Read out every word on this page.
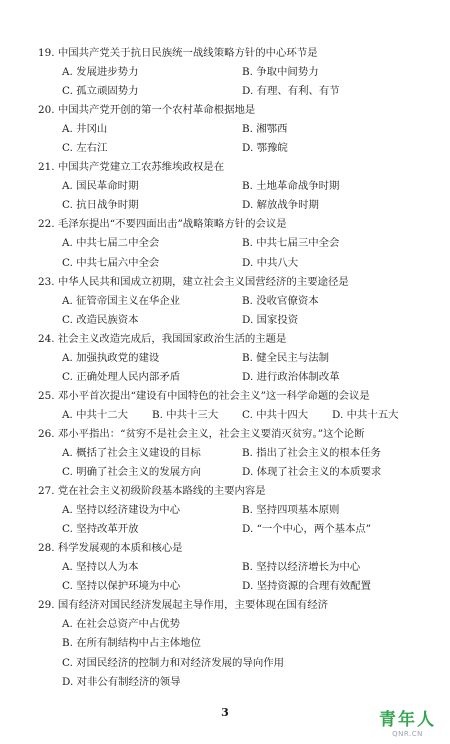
19. 中国共产党关于抗日民族统一战线策略方针的中心环节是
A. 发展进步势力	B. 争取中间势力
C. 孤立顽固势力	D. 有理、有利、有节
20. 中国共产党开创的第一个农村革命根据地是
A. 井冈山	B. 湘鄂西
C. 左右江	D. 鄂豫皖
21. 中国共产党建立工农苏维埃政权是在
A. 国民革命时期	B. 土地革命战争时期
C. 抗日战争时期	D. 解放战争时期
22. 毛泽东提出“不要四面出击”战略策略方针的会议是
A. 中共七届二中全会	B. 中共七届三中全会
C. 中共七届六中全会	D. 中共八大
23. 中华人民共和国成立初期，建立社会主义国营经济的主要途径是
A. 征管帝国主义在华企业	B. 没收官僚资本
C. 改造民族资本	D. 国家投资
24. 社会主义改造完成后，我国国家政治生活的主题是
A. 加强执政党的建设	B. 健全民主与法制
C. 正确处理人民内部矛盾	D. 进行政治体制改革
25. 邓小平首次提出“建设有中国特色的社会主义”这一科学命题的会议是
A. 中共十二大	B. 中共十三大	C. 中共十四大	D. 中共十五大
26. 邓小平指出：“贫穷不是社会主义，社会主义要消灭贫穷。”这个论断
A. 概括了社会主义建设的目标	B. 指出了社会主义的根本任务
C. 明确了社会主义的发展方向	D. 体现了社会主义的本质要求
27. 党在社会主义初级阶段基本路线的主要内容是
A. 坚持以经济建设为中心	B. 坚持四项基本原则
C. 坚持改革开放	D. “一个中心，两个基本点”
28. 科学发展观的本质和核心是
A. 坚持以人为本	B. 坚持以经济增长为中心
C. 坚持以保护环境为中心	D. 坚持资源的合理有效配置
29. 国有经济对国民经济发展起主导作用，主要体现在国有经济
A. 在社会总资产中占优势
B. 在所有制结构中占主体地位
C. 对国民经济的控制力和对经济发展的导向作用
D. 对非公有制经济的领导
3	青年人
QNR.CN
